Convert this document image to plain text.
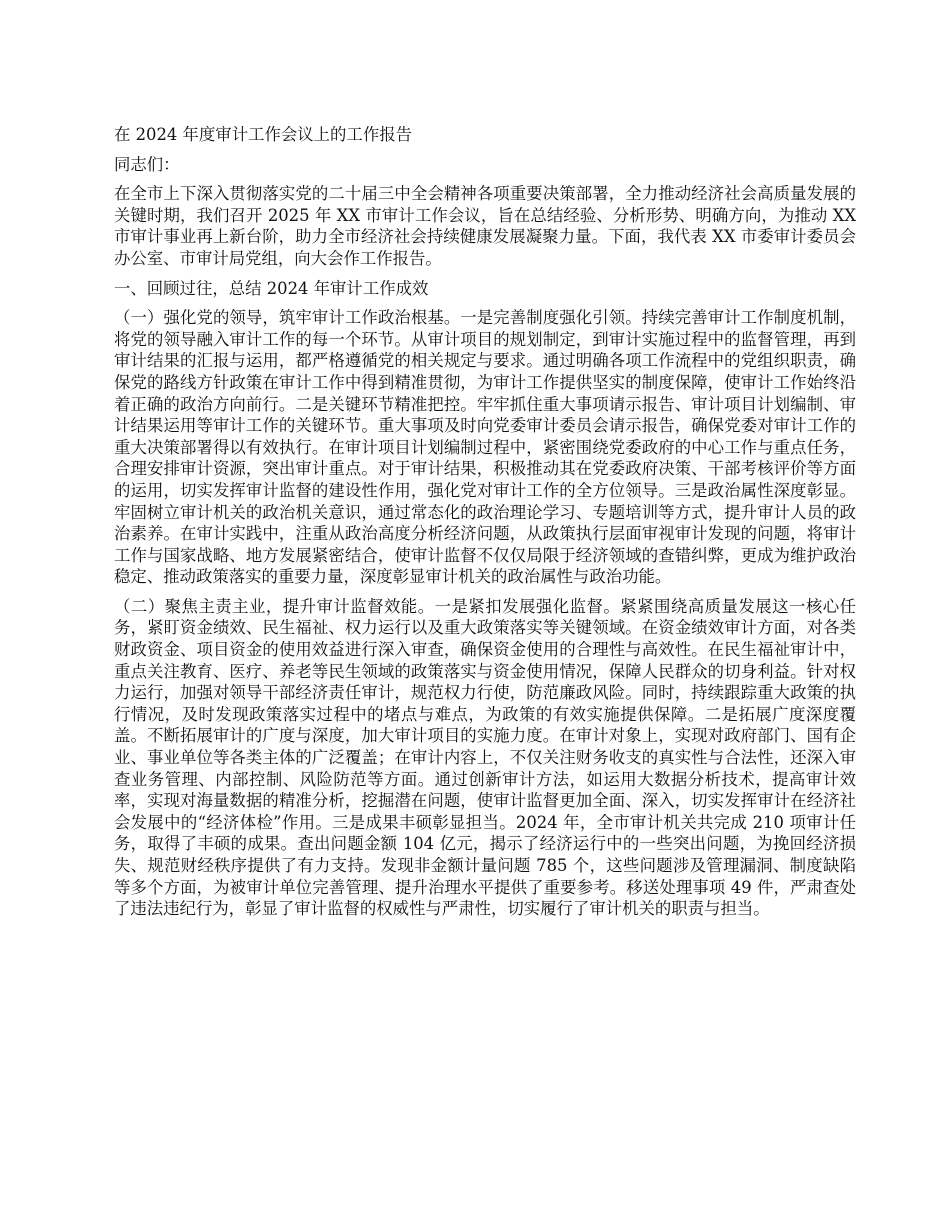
在 2024 年度审计工作会议上的工作报告

同志们：

在全市上下深入贯彻落实党的二十届三中全会精神各项重要决策部署，全力推动经济社会高质量发展的关键时期，我们召开 2025 年 XX 市审计工作会议，旨在总结经验、分析形势、明确方向，为推动 XX 市审计事业再上新台阶，助力全市经济社会持续健康发展凝聚力量。下面，我代表 XX 市委审计委员会办公室、市审计局党组，向大会作工作报告。

一、回顾过往，总结 2024 年审计工作成效

（一）强化党的领导，筑牢审计工作政治根基。一是完善制度强化引领。持续完善审计工作制度机制，将党的领导融入审计工作的每一个环节。从审计项目的规划制定，到审计实施过程中的监督管理，再到审计结果的汇报与运用，都严格遵循党的相关规定与要求。通过明确各项工作流程中的党组织职责，确保党的路线方针政策在审计工作中得到精准贯彻，为审计工作提供坚实的制度保障，使审计工作始终沿着正确的政治方向前行。二是关键环节精准把控。牢牢抓住重大事项请示报告、审计项目计划编制、审计结果运用等审计工作的关键环节。重大事项及时向党委审计委员会请示报告，确保党委对审计工作的重大决策部署得以有效执行。在审计项目计划编制过程中，紧密围绕党委政府的中心工作与重点任务，合理安排审计资源，突出审计重点。对于审计结果，积极推动其在党委政府决策、干部考核评价等方面的运用，切实发挥审计监督的建设性作用，强化党对审计工作的全方位领导。三是政治属性深度彰显。牢固树立审计机关的政治机关意识，通过常态化的政治理论学习、专题培训等方式，提升审计人员的政治素养。在审计实践中，注重从政治高度分析经济问题，从政策执行层面审视审计发现的问题，将审计工作与国家战略、地方发展紧密结合，使审计监督不仅仅局限于经济领域的查错纠弊，更成为维护政治稳定、推动政策落实的重要力量，深度彰显审计机关的政治属性与政治功能。

（二）聚焦主责主业，提升审计监督效能。一是紧扣发展强化监督。紧紧围绕高质量发展这一核心任务，紧盯资金绩效、民生福祉、权力运行以及重大政策落实等关键领域。在资金绩效审计方面，对各类财政资金、项目资金的使用效益进行深入审查，确保资金使用的合理性与高效性。在民生福祉审计中，重点关注教育、医疗、养老等民生领域的政策落实与资金使用情况，保障人民群众的切身利益。针对权力运行，加强对领导干部经济责任审计，规范权力行使，防范廉政风险。同时，持续跟踪重大政策的执行情况，及时发现政策落实过程中的堵点与难点，为政策的有效实施提供保障。二是拓展广度深度覆盖。不断拓展审计的广度与深度，加大审计项目的实施力度。在审计对象上，实现对政府部门、国有企业、事业单位等各类主体的广泛覆盖；在审计内容上，不仅关注财务收支的真实性与合法性，还深入审查业务管理、内部控制、风险防范等方面。通过创新审计方法，如运用大数据分析技术，提高审计效率，实现对海量数据的精准分析，挖掘潜在问题，使审计监督更加全面、深入，切实发挥审计在经济社会发展中的“经济体检”作用。三是成果丰硕彰显担当。2024 年，全市审计机关共完成 210 项审计任务，取得了丰硕的成果。查出问题金额 104 亿元，揭示了经济运行中的一些突出问题，为挽回经济损失、规范财经秩序提供了有力支持。发现非金额计量问题 785 个，这些问题涉及管理漏洞、制度缺陷等多个方面，为被审计单位完善管理、提升治理水平提供了重要参考。移送处理事项 49 件，严肃查处了违法违纪行为，彰显了审计监督的权威性与严肃性，切实履行了审计机关的职责与担当。
